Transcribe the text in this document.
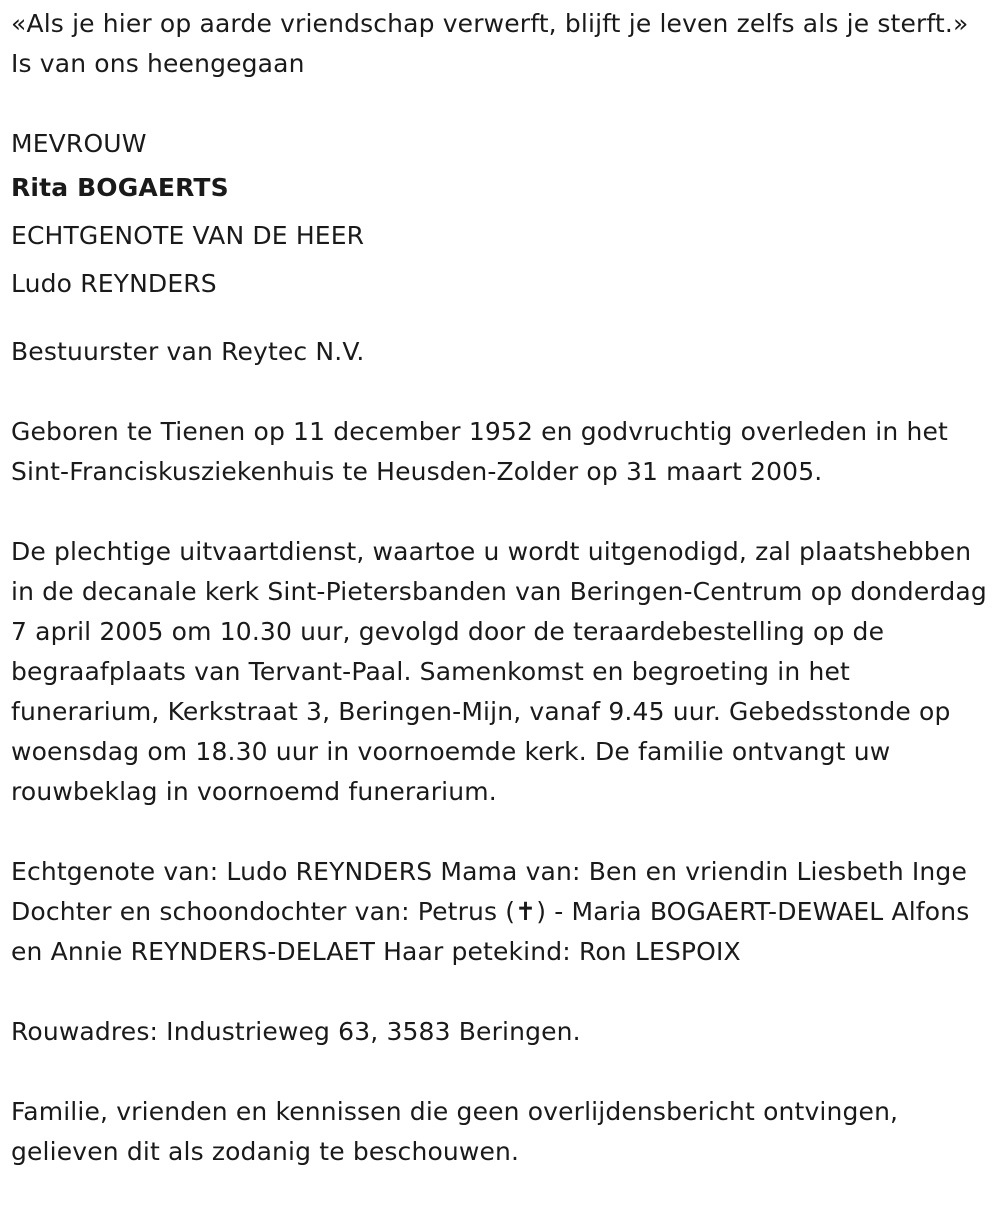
«Als je hier op aarde vriendschap verwerft, blijft je leven zelfs als je sterft.» Is van ons heengegaan

MEVROUW

Rita BOGAERTS

ECHTGENOTE VAN DE HEER

Ludo REYNDERS

Bestuurster van Reytec N.V.

Geboren te Tienen op 11 december 1952 en godvruchtig overleden in het Sint-Franciskusziekenhuis te Heusden-Zolder op 31 maart 2005.

De plechtige uitvaartdienst, waartoe u wordt uitgenodigd, zal plaatshebben in de decanale kerk Sint-Pietersbanden van Beringen-Centrum op donderdag 7 april 2005 om 10.30 uur, gevolgd door de teraardebestelling op de begraafplaats van Tervant-Paal. Samenkomst en begroeting in het funerarium, Kerkstraat 3, Beringen-Mijn, vanaf 9.45 uur. Gebedsstonde op woensdag om 18.30 uur in voornoemde kerk. De familie ontvangt uw rouwbeklag in voornoemd funerarium.

Echtgenote van: Ludo REYNDERS Mama van: Ben en vriendin Liesbeth Inge Dochter en schoondochter van: Petrus (✝) - Maria BOGAERT-DEWAEL Alfons en Annie REYNDERS-DELAET Haar petekind: Ron LESPOIX

Rouwadres: Industrieweg 63, 3583 Beringen.

Familie, vrienden en kennissen die geen overlijdensbericht ontvingen, gelieven dit als zodanig te beschouwen.
